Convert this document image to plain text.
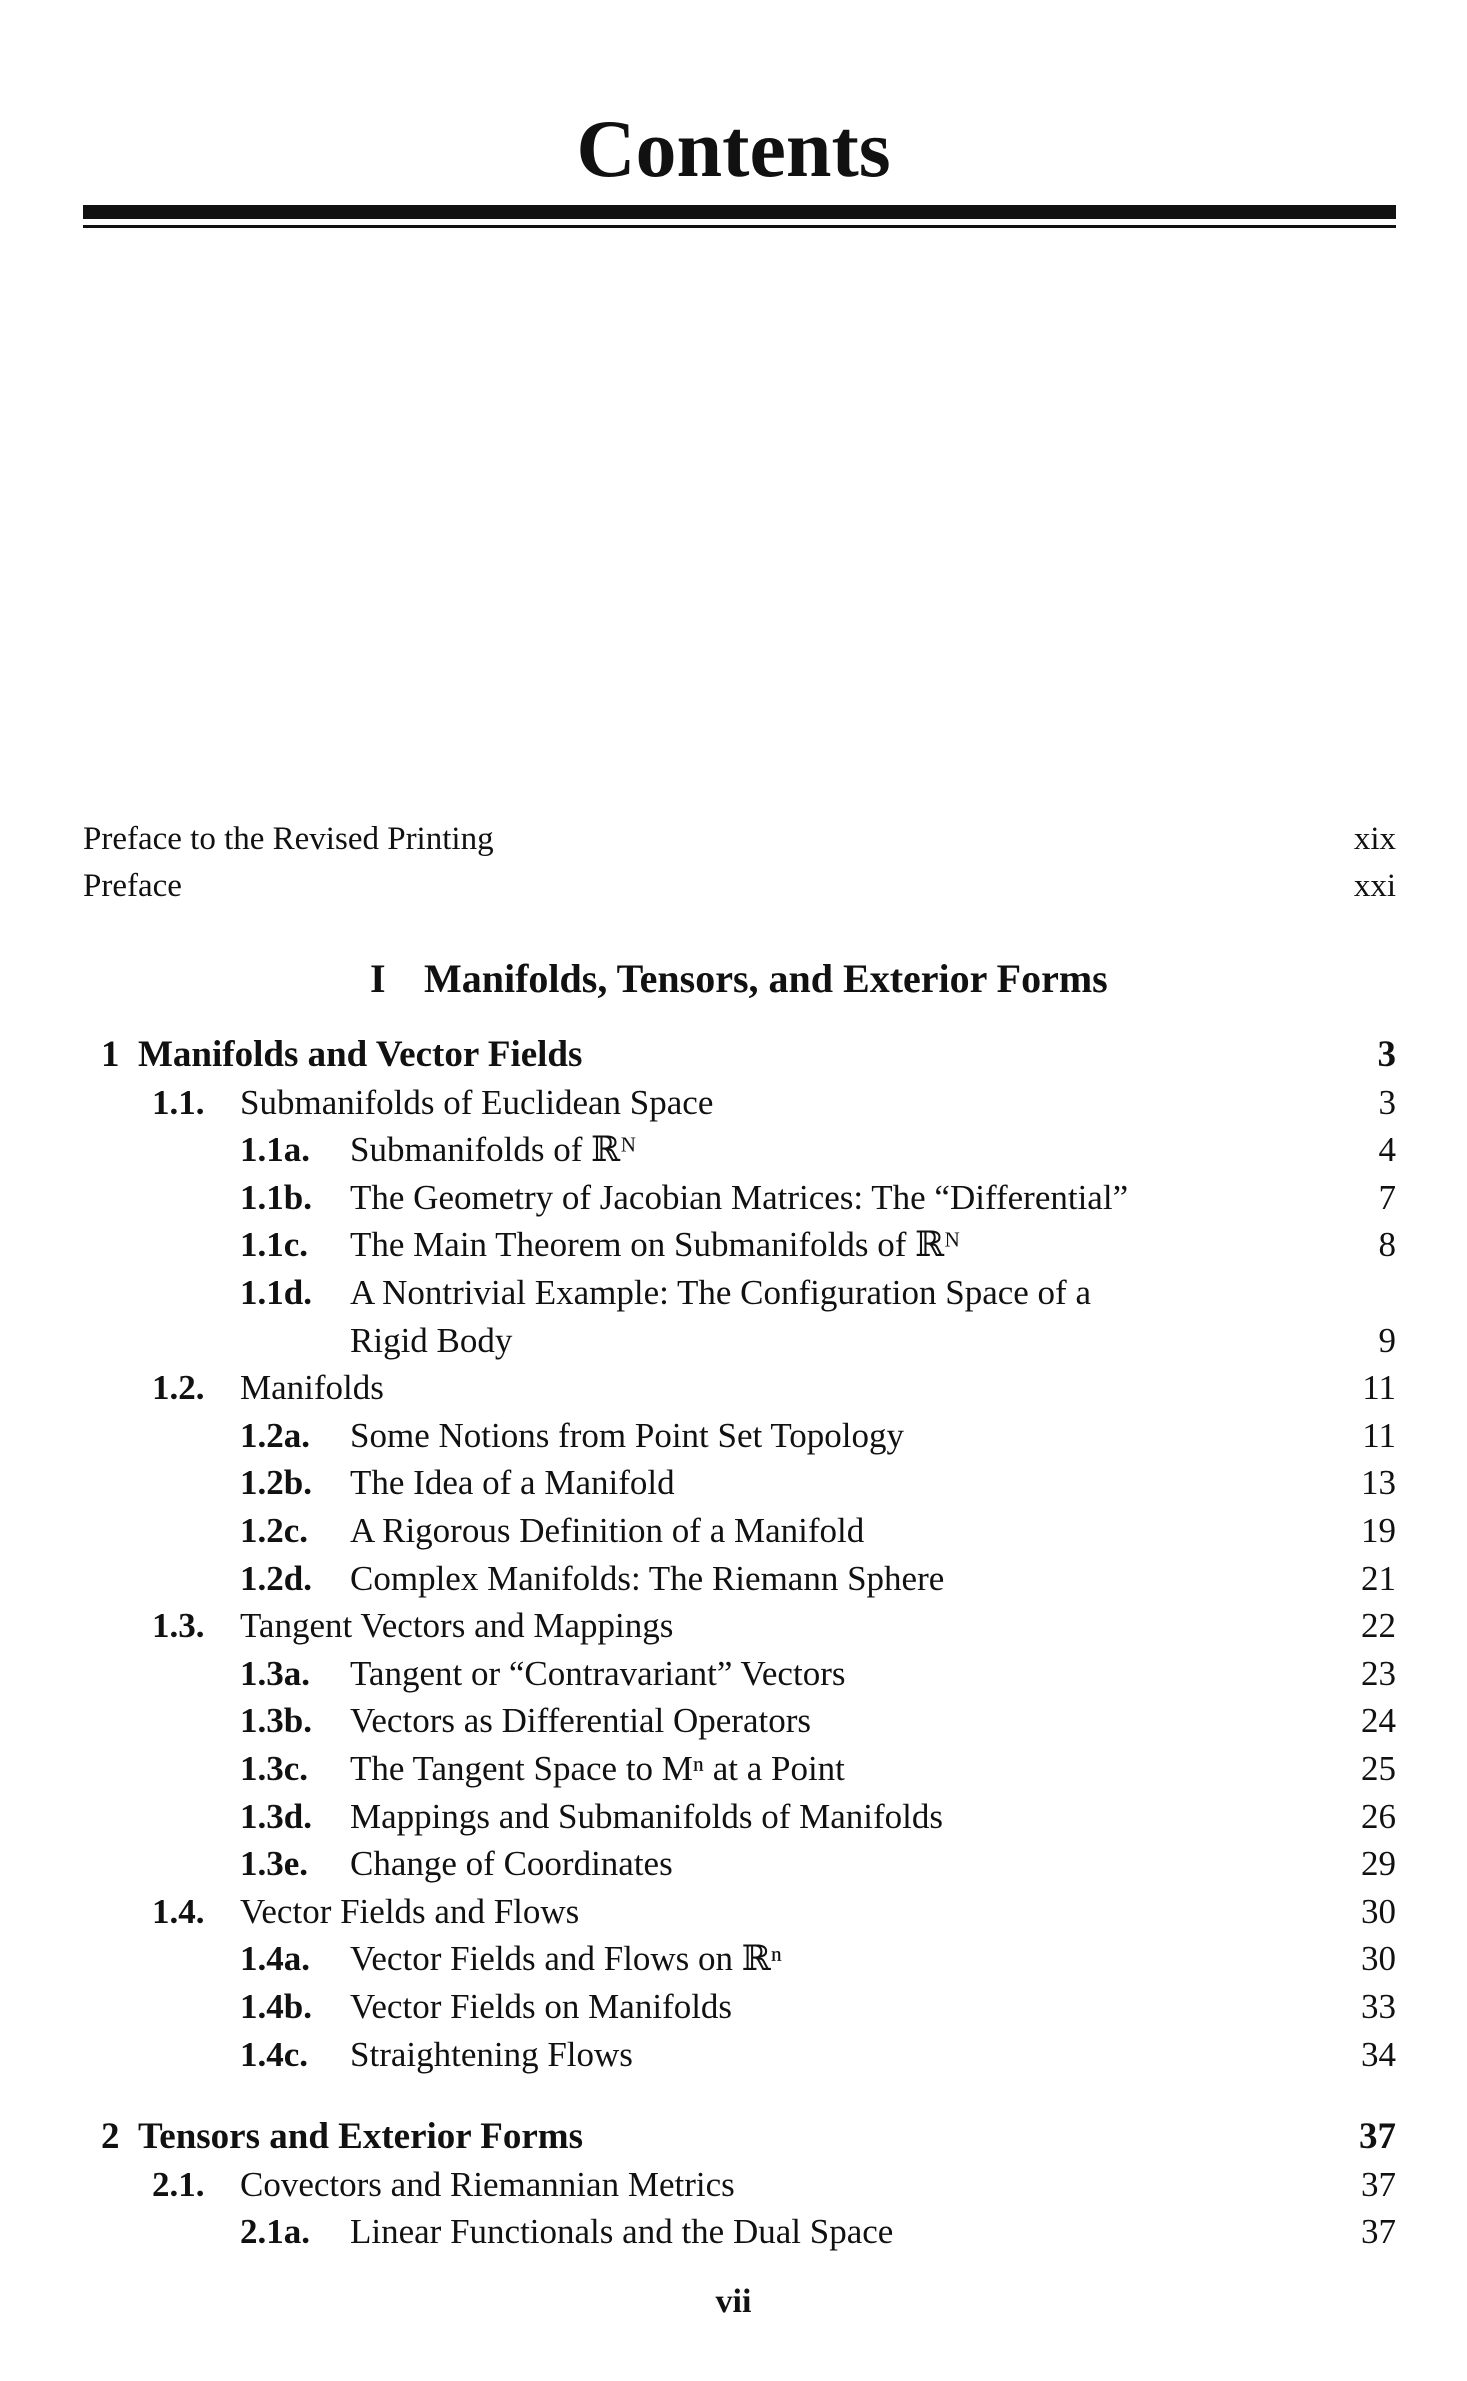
Contents
Preface to the Revised Printing	xix
Preface	xxi
I Manifolds, Tensors, and Exterior Forms
1 Manifolds and Vector Fields	3
1.1. Submanifolds of Euclidean Space	3
1.1a. Submanifolds of ℝᴺ	4
1.1b. The Geometry of Jacobian Matrices: The “Differential”	7
1.1c. The Main Theorem on Submanifolds of ℝᴺ	8
1.1d. A Nontrivial Example: The Configuration Space of a
Rigid Body	9
1.2. Manifolds	11
1.2a. Some Notions from Point Set Topology	11
1.2b. The Idea of a Manifold	13
1.2c. A Rigorous Definition of a Manifold	19
1.2d. Complex Manifolds: The Riemann Sphere	21
1.3. Tangent Vectors and Mappings	22
1.3a. Tangent or “Contravariant” Vectors	23
1.3b. Vectors as Differential Operators	24
1.3c. The Tangent Space to Mⁿ at a Point	25
1.3d. Mappings and Submanifolds of Manifolds	26
1.3e. Change of Coordinates	29
1.4. Vector Fields and Flows	30
1.4a. Vector Fields and Flows on ℝⁿ	30
1.4b. Vector Fields on Manifolds	33
1.4c. Straightening Flows	34
2 Tensors and Exterior Forms	37
2.1. Covectors and Riemannian Metrics	37
2.1a. Linear Functionals and the Dual Space	37
vii
